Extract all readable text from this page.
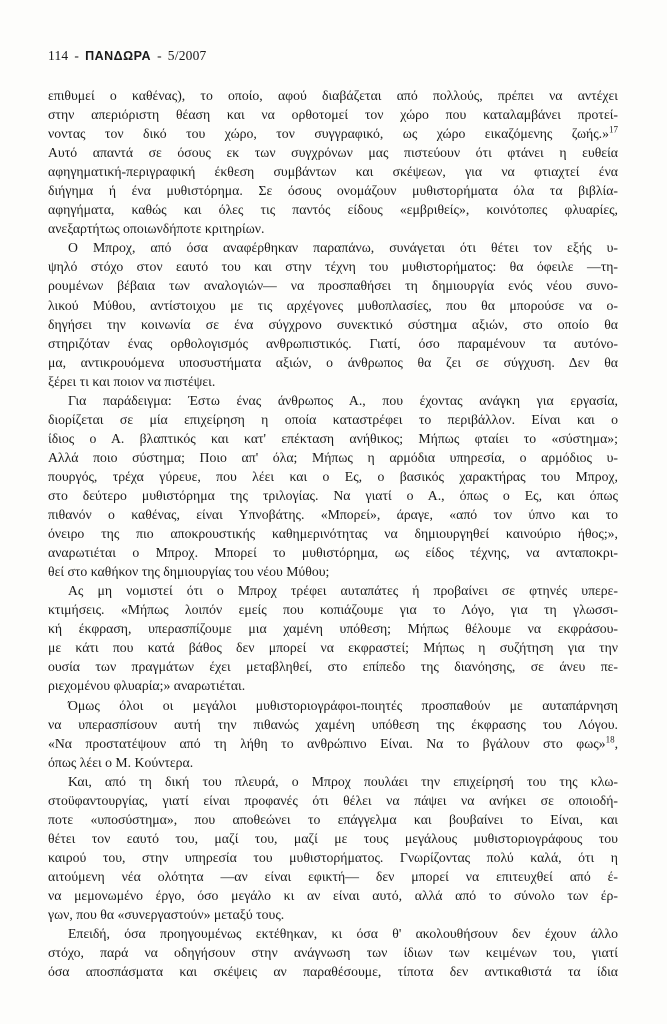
114 - ΠΑΝΔΩΡΑ - 5/2007
επιθυμεί ο καθένας), το οποίο, αφού διαβάζεται από πολλούς, πρέπει να αντέχει
στην απεριόριστη θέαση και να ορθοτομεί τον χώρο που καταλαμβάνει προτεί-
νοντας τον δικό του χώρο, τον συγγραφικό, ως χώρο εικαζόμενης ζωής.»$^{17}$
Αυτό απαντά σε όσους εκ των συγχρόνων μας πιστεύουν ότι φτάνει η ευθεία
αφηγηματική-περιγραφική έκθεση συμβάντων και σκέψεων, για να φτιαχτεί ένα
διήγημα ή ένα μυθιστόρημα. Σε όσους ονομάζουν μυθιστορήματα όλα τα βιβλία-
αφηγήματα, καθώς και όλες τις παντός είδους «εμβριθείς», κοινότοπες φλυαρίες,
ανεξαρτήτως οποιωνδήποτε κριτηρίων.
Ο Μπροχ, από όσα αναφέρθηκαν παραπάνω, συνάγεται ότι θέτει τον εξής υ-
ψηλό στόχο στον εαυτό του και στην τέχνη του μυθιστορήματος: θα όφειλε —τη-
ρουμένων βέβαια των αναλογιών— να προσπαθήσει τη δημιουργία ενός νέου συνο-
λικού Μύθου, αντίστοιχου με τις αρχέγονες μυθοπλασίες, που θα μπορούσε να ο-
δηγήσει την κοινωνία σε ένα σύγχρονο συνεκτικό σύστημα αξιών, στο οποίο θα
στηριζόταν ένας ορθολογισμός ανθρωπιστικός. Γιατί, όσο παραμένουν τα αυτόνο-
μα, αντικρουόμενα υποσυστήματα αξιών, ο άνθρωπος θα ζει σε σύγχυση. Δεν θα
ξέρει τι και ποιον να πιστέψει.
Για παράδειγμα: Έστω ένας άνθρωπος Α., που έχοντας ανάγκη για εργασία,
διορίζεται σε μία επιχείρηση η οποία καταστρέφει το περιβάλλον. Είναι και ο
ίδιος ο Α. βλαπτικός και κατ' επέκταση ανήθικος; Μήπως φταίει το «σύστημα»;
Αλλά ποιο σύστημα; Ποιο απ' όλα; Μήπως η αρμόδια υπηρεσία, ο αρμόδιος υ-
πουργός, τρέχα γύρευε, που λέει και ο Ες, ο βασικός χαρακτήρας του Μπροχ,
στο δεύτερο μυθιστόρημα της τριλογίας. Να γιατί ο Α., όπως ο Ες, και όπως
πιθανόν ο καθένας, είναι Υπνοβάτης. «Μπορεί», άραγε, «από τον ύπνο και το
όνειρο της πιο αποκρουστικής καθημερινότητας να δημιουργηθεί καινούριο ήθος;»,
αναρωτιέται ο Μπροχ. Μπορεί το μυθιστόρημα, ως είδος τέχνης, να ανταποκρι-
θεί στο καθήκον της δημιουργίας του νέου Μύθου;
Ας μη νομιστεί ότι ο Μπροχ τρέφει αυταπάτες ή προβαίνει σε φτηνές υπερε-
κτιμήσεις. «Μήπως λοιπόν εμείς που κοπιάζουμε για το Λόγο, για τη γλωσσι-
κή έκφραση, υπερασπίζουμε μια χαμένη υπόθεση; Μήπως θέλουμε να εκφράσου-
με κάτι που κατά βάθος δεν μπορεί να εκφραστεί; Μήπως η συζήτηση για την
ουσία των πραγμάτων έχει μεταβληθεί, στο επίπεδο της διανόησης, σε άνευ πε-
ριεχομένου φλυαρία;» αναρωτιέται.
Όμως όλοι οι μεγάλοι μυθιστοριογράφοι-ποιητές προσπαθούν με αυταπάρνηση
να υπερασπίσουν αυτή την πιθανώς χαμένη υπόθεση της έκφρασης του Λόγου.
«Να προστατέψουν από τη λήθη το ανθρώπινο Είναι. Να το βγάλουν στο φως»$^{18}$,
όπως λέει ο Μ. Κούντερα.
Και, από τη δική του πλευρά, ο Μπροχ πουλάει την επιχείρησή του της κλω-
στοϋφαντουργίας, γιατί είναι προφανές ότι θέλει να πάψει να ανήκει σε οποιοδή-
ποτε «υποσύστημα», που αποθεώνει το επάγγελμα και βουβαίνει το Είναι, και
θέτει τον εαυτό του, μαζί του, μαζί με τους μεγάλους μυθιστοριογράφους του
καιρού του, στην υπηρεσία του μυθιστορήματος. Γνωρίζοντας πολύ καλά, ότι η
αιτούμενη νέα ολότητα —αν είναι εφικτή— δεν μπορεί να επιτευχθεί από έ-
να μεμονωμένο έργο, όσο μεγάλο κι αν είναι αυτό, αλλά από το σύνολο των έρ-
γων, που θα «συνεργαστούν» μεταξύ τους.
Επειδή, όσα προηγουμένως εκτέθηκαν, κι όσα θ' ακολουθήσουν δεν έχουν άλλο
στόχο, παρά να οδηγήσουν στην ανάγνωση των ίδιων των κειμένων του, γιατί
όσα αποσπάσματα και σκέψεις αν παραθέσουμε, τίποτα δεν αντικαθιστά τα ίδια
